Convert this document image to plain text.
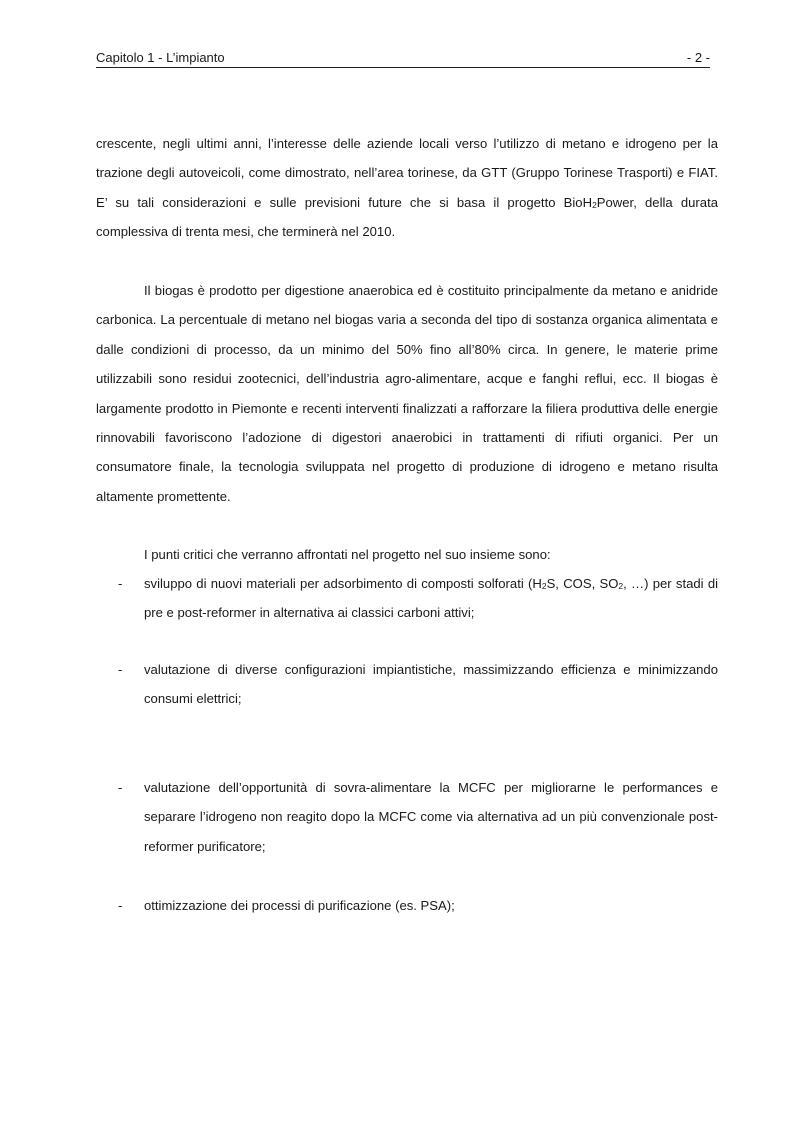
Capitolo 1 - L’impianto	- 2 -
crescente, negli ultimi anni, l’interesse delle aziende locali verso l’utilizzo di metano e idrogeno per la trazione degli autoveicoli, come dimostrato, nell’area torinese, da GTT (Gruppo Torinese Trasporti) e FIAT. E’ su tali considerazioni e sulle previsioni future che si basa il progetto BioH$_2$Power, della durata complessiva di trenta mesi, che terminerà nel 2010.
Il biogas è prodotto per digestione anaerobica ed è costituito principalmente da metano e anidride carbonica. La percentuale di metano nel biogas varia a seconda del tipo di sostanza organica alimentata e dalle condizioni di processo, da un minimo del 50% fino all’80% circa. In genere, le materie prime utilizzabili sono residui zootecnici, dell’industria agro-alimentare, acque e fanghi reflui, ecc. Il biogas è largamente prodotto in Piemonte e recenti interventi finalizzati a rafforzare la filiera produttiva delle energie rinnovabili favoriscono l’adozione di digestori anaerobici in trattamenti di rifiuti organici. Per un consumatore finale, la tecnologia sviluppata nel progetto di produzione di idrogeno e metano risulta altamente promettente.
I punti critici che verranno affrontati nel progetto nel suo insieme sono:
- sviluppo di nuovi materiali per adsorbimento di composti solforati ($H_2S$, COS, $SO_2$, …) per stadi di pre e post-reformer in alternativa ai classici carboni attivi;
- valutazione di diverse configurazioni impiantistiche, massimizzando efficienza e minimizzando consumi elettrici;
- valutazione dell’opportunità di sovra-alimentare la MCFC per migliorarne le performances e separare l’idrogeno non reagito dopo la MCFC come via alternativa ad un più convenzionale post-reformer purificatore;
- ottimizzazione dei processi di purificazione (es. PSA);
